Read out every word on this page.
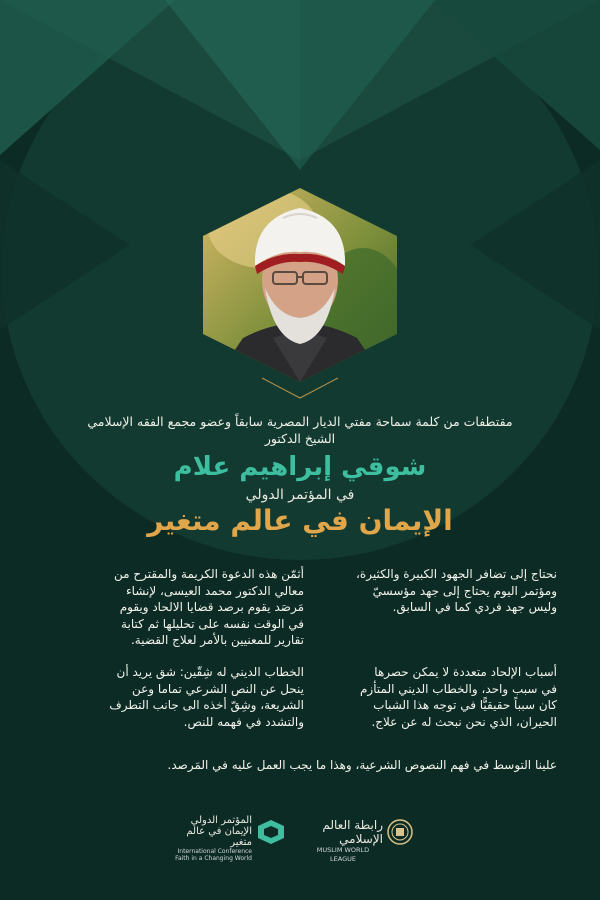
مقتطفات من كلمة سماحة مفتي الديار المصرية سابقاً وعضو مجمع الفقه الإسلامي
الشيخ الدكتور
شوقي إبراهيم علام
في المؤتمر الدولي
الإيمان في عالم متغير
نحتاج إلى تضافر الجهود الكبيرة والكثيرة،
ومؤتمر اليوم يحتاج إلى جهد مؤسسيّ
وليس جهد فردي كما في السابق.
أثمّن هذه الدعوة الكريمة والمقترح من
معالي الدكتور محمد العيسى، لإنشاء
مَرصَد يقوم برصد قضايا الالحاد ويقوم
في الوقت نفسه على تحليلها ثم كتابة
تقارير للمعنيين بالأمر لعلاج القضية.
أسباب الإلحاد متعددة لا يمكن حصرها
في سبب واحد، والخطاب الديني المتأزم
كان سبباً حقيقيًّا في توجه هذا الشباب
الحيران، الذي نحن نبحث له عن علاج.
الخطاب الديني له شِقّين: شق يريد أن
ينحل عن النص الشرعي تماما وعن
الشريعة، وشِقّ أخذه الى جانب التطرف
والتشدد في فهمه للنص.
علينا التوسط في فهم النصوص الشرعية، وهذا ما يجب العمل عليه في المَرصد.
المؤتمر الدولي
الإيمان في عالم متغير
International Conference
Faith in a Changing World
رابطة العالم الإسلامي
MUSLIM WORLD LEAGUE
